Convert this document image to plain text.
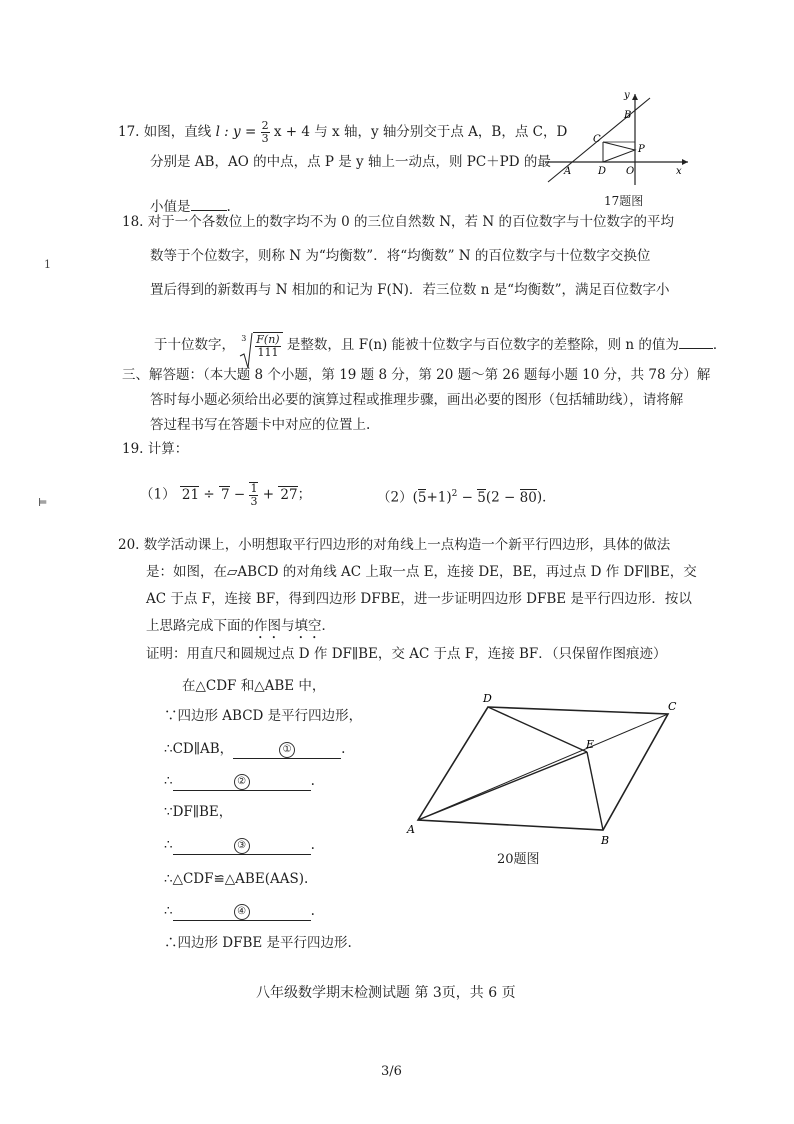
1
⊨
17. 如图，直线 l : $y = \frac{2}{3}$ x + 4 与 x 轴，y 轴分别交于点 A，B，点 C，D
分别是 AB，AO 的中点，点 P 是 y 轴上一动点，则 PC＋PD 的最
小值是	.
y
B
C
P
A	D O	x
17题图
18. 对于一个各数位上的数字均不为 0 的三位自然数 N，若 N 的百位数字与十位数字的平均
数等于个位数字，则称 N 为“均衡数”．将“均衡数” N 的百位数字与十位数字交换位
置后得到的新数再与 N 相加的和记为 F(N)．若三位数 n 是“均衡数”，满足百位数字小
于十位数字， $3 \frac{F(n)}{111}$ 是整数，且 F(n) 能被十位数字与百位数字的差整除，则 n 的值为	．
三、解答题：（本大题 8 个小题，第 19 题 8 分，第 20 题～第 26 题每小题 10 分，共 78 分）解
答时每小题必须给出必要的演算过程或推理步骤，画出必要的图形（包括辅助线），请将解
答过程书写在答题卡中对应的位置上.
19. 计算：
（1） $21 \div 7 - \frac{1}{3} + 27$；	$(2)(5+1)^2 - 5(2 - 80)$．
20. 数学活动课上，小明想取平行四边形的对角线上一点构造一个新平行四边形，具体的做法
是：如图，在▱ABCD 的对角线 AC 上取一点 E，连接 DE，BE，再过点 D 作 DF∥BE，交
AC 于点 F，连接 BF，得到四边形 DFBE，进一步证明四边形 DFBE 是平行四边形．按以
上思路完成下面的作图与填空．
证明：用直尺和圆规过点 D 作 DF∥BE，交 AC 于点 F，连接 BF．（只保留作图痕迹）
在△CDF 和△ABE 中，
∵四边形 ABCD 是平行四边形，
∴CD∥AB，	①	.
∴	②	.
∵DF∥BE，
∴	③	.
∴△CDF≌△ABE(AAS).
∴	④	.
∴四边形 DFBE 是平行四边形.
D
C
E
A
B
20题图
八年级数学期末检测试题 第 3页，共 6 页
3/6
